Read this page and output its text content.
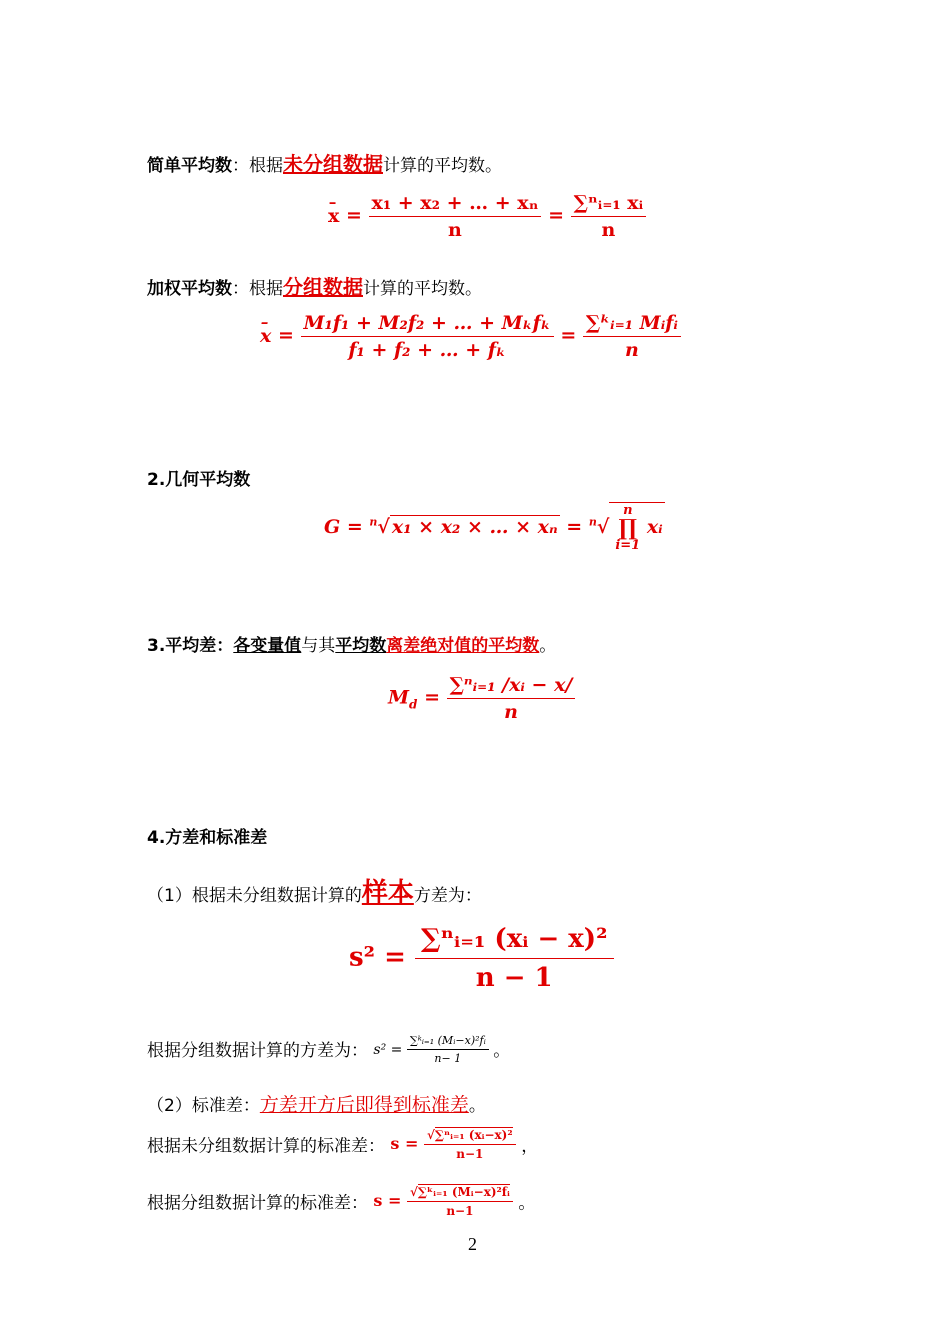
简单平均数：根据未分组数据计算的平均数。
– $x = \frac{\text{x₁ + x₂ + … + xₙ}}{n} = \frac{\text{∑ⁿᵢ₌₁ xᵢ}}{n}$
加权平均数：根据分组数据计算的平均数。
– $x = \frac{\text{M₁f₁ + M₂f₂ + … + Mₖfₖ}}{\text{f₁ + f₂ + … + fₖ}} = \frac{\text{∑ᵏᵢ₌₁ Mᵢfᵢ}}{n}$
2.几何平均数
G = $^n$√ x₁ × x₂ × … × xₙ = $^n$√
n
∏
i=1
xᵢ
3.平均差：各变量值与其平均数离差绝对值的平均数。
$M_d = \frac{\text{∑ⁿᵢ₌₁ /xᵢ − x/}}{n}$
4.方差和标准差
（1）根据未分组数据计算的样本方差为：
$s^2 = \frac{\text{∑ⁿᵢ₌₁ (xᵢ − x)²}}{n - 1}$
根据分组数据计算的方差为： $s^2 = \frac{\text{∑ᵏᵢ₌₁ (Mᵢ−x)²fᵢ}}{n- 1}$ 。
（2）标准差：方差开方后即得到标准差。
根据未分组数据计算的标准差： $s = \frac{\text{√∑ⁿᵢ₌₁ (xᵢ−x)²}}{n-1}$ ，
根据分组数据计算的标准差： $s = \frac{\text{√∑ᵏᵢ₌₁ (Mᵢ−x)²fᵢ}}{n-1}$ 。
2
